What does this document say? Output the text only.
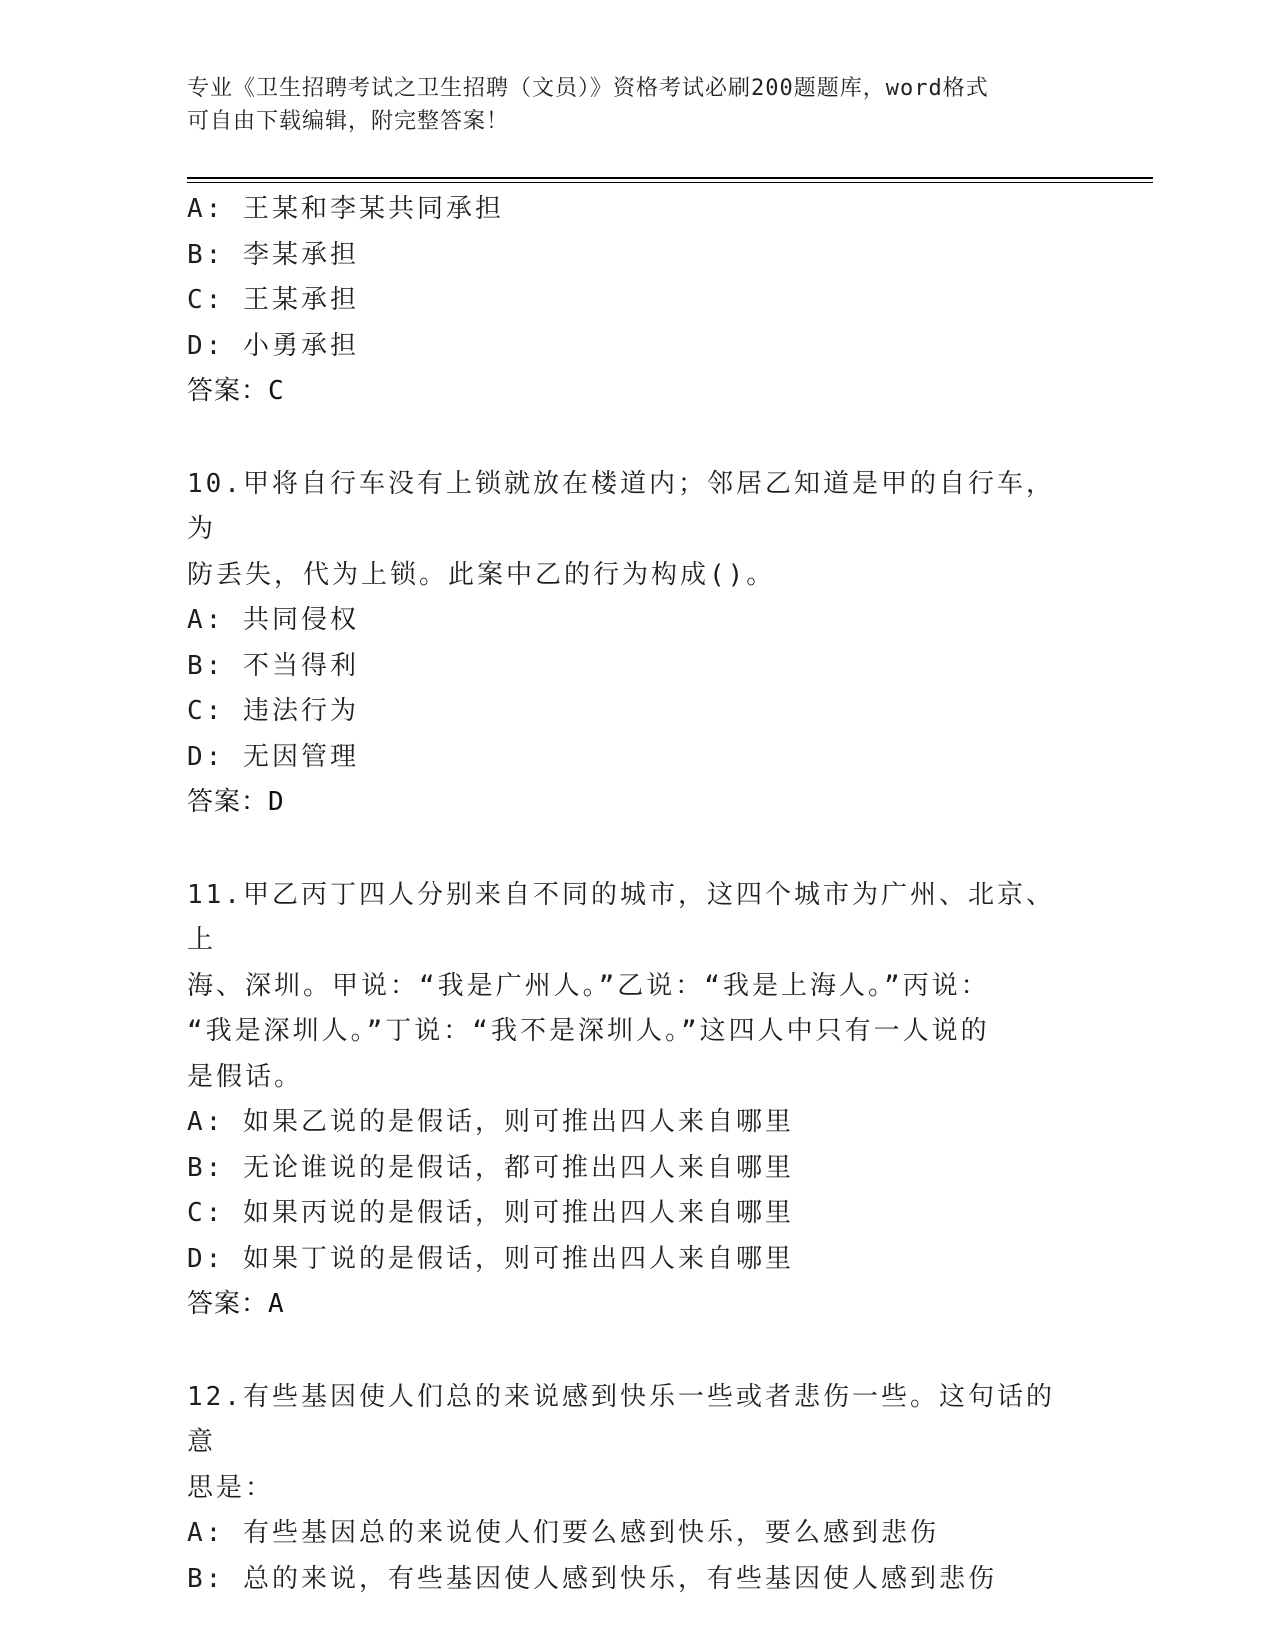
专业《卫生招聘考试之卫生招聘（文员）》资格考试必刷200题题库，word格式
可自由下载编辑，附完整答案！
A: 王某和李某共同承担
B: 李某承担
C: 王某承担
D: 小勇承担
答案：C
10.甲将自行车没有上锁就放在楼道内；邻居乙知道是甲的自行车，为
防丢失，代为上锁。此案中乙的行为构成()。
A: 共同侵权
B: 不当得利
C: 违法行为
D: 无因管理
答案：D
11.甲乙丙丁四人分别来自不同的城市，这四个城市为广州、北京、上
海、深圳。甲说：“我是广州人。”乙说：“我是上海人。”丙说：
“我是深圳人。”丁说：“我不是深圳人。”这四人中只有一人说的
是假话。
A: 如果乙说的是假话，则可推出四人来自哪里
B: 无论谁说的是假话，都可推出四人来自哪里
C: 如果丙说的是假话，则可推出四人来自哪里
D: 如果丁说的是假话，则可推出四人来自哪里
答案：A
12.有些基因使人们总的来说感到快乐一些或者悲伤一些。这句话的意
思是：
A: 有些基因总的来说使人们要么感到快乐，要么感到悲伤
B: 总的来说，有些基因使人感到快乐，有些基因使人感到悲伤
